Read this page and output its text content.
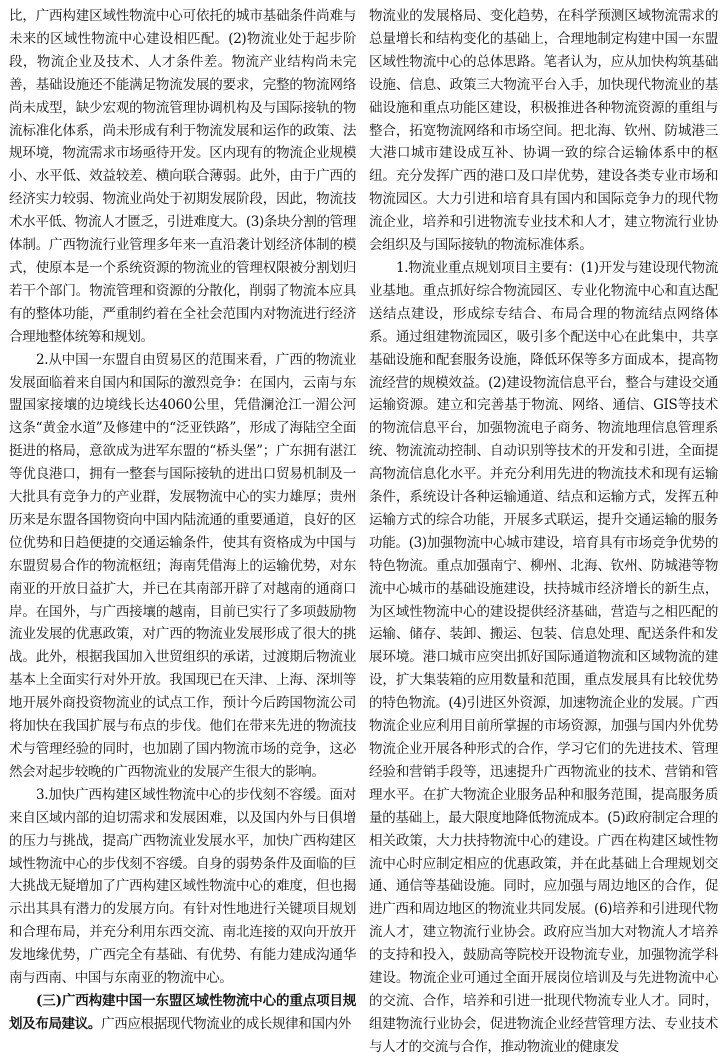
比，广西构建区域性物流中心可依托的城市基础条件尚难与未来的区域性物流中心建设相匹配。(2)物流业处于起步阶段，物流企业及技术、人才条件差。物流产业结构尚未完善，基础设施还不能满足物流发展的要求，完整的物流网络尚未成型，缺少宏观的物流管理协调机构及与国际接轨的物流标准化体系，尚未形成有利于物流发展和运作的政策、法规环境，物流需求市场亟待开发。区内现有的物流企业规模小、水平低、效益较差、横向联合薄弱。此外，由于广西的经济实力较弱、物流业尚处于初期发展阶段，因此，物流技术水平低、物流人才匮乏，引进难度大。(3)条块分割的管理体制。广西物流行业管理多年来一直沿袭计划经济体制的模式，使原本是一个系统资源的物流业的管理权限被分割划归若干个部门。物流管理和资源的分散化，削弱了物流本应具有的整体功能，严重制约着在全社会范围内对物流进行经济合理地整体统筹和规划。

2.从中国一东盟自由贸易区的范围来看，广西的物流业发展面临着来自国内和国际的激烈竞争：在国内，云南与东盟国家接壤的边境线长达4060公里，凭借澜沧江一湄公河这条“黄金水道”及修建中的“泛亚铁路”，形成了海陆空全面挺进的格局，意欲成为进军东盟的“桥头堡”；广东拥有湛江等优良港口，拥有一整套与国际接轨的进出口贸易机制及一大批具有竞争力的产业群，发展物流中心的实力雄厚；贵州历来是东盟各国物资向中国内陆流通的重要通道，良好的区位优势和日趋便捷的交通运输条件，使其有资格成为中国与东盟贸易合作的物流枢纽；海南凭借海上的运输优势，对东南亚的开放日益扩大，并已在其南部开辟了对越南的通商口岸。在国外，与广西接壤的越南，目前已实行了多项鼓励物流业发展的优惠政策，对广西的物流业发展形成了很大的挑战。此外，根据我国加入世贸组织的承诺，过渡期后物流业基本上全面实行对外开放。我国现已在天津、上海、深圳等地开展外商投资物流业的试点工作，预计今后跨国物流公司将加快在我国扩展与布点的步伐。他们在带来先进的物流技术与管理经验的同时，也加剧了国内物流市场的竞争，这必然会对起步较晚的广西物流业的发展产生很大的影响。

3.加快广西构建区域性物流中心的步伐刻不容缓。面对来自区域内部的迫切需求和发展困难，以及国内外与日俱增的压力与挑战，提高广西物流业发展水平，加快广西构建区域性物流中心的步伐刻不容缓。自身的弱势条件及面临的巨大挑战无疑增加了广西构建区域性物流中心的难度，但也揭示出其具有潜力的发展方向。有针对性地进行关键项目规划和合理布局，并充分利用东西交流、南北连接的双向开放开发地缘优势，广西完全有基础、有优势、有能力建成沟通华南与西南、中国与东南亚的物流中心。

(三)广西构建中国一东盟区域性物流中心的重点项目规划及布局建议。广西应根据现代物流业的成长规律和国内外

物流业的发展格局、变化趋势，在科学预测区域物流需求的总量增长和结构变化的基础上，合理地制定构建中国一东盟区域性物流中心的总体思路。笔者认为，应从加快构筑基础设施、信息、政策三大物流平台入手，加快现代物流业的基础设施和重点功能区建设，积极推进各种物流资源的重组与整合，拓宽物流网络和市场空间。把北海、钦州、防城港三大港口城市建设成互补、协调一致的综合运输体系中的枢纽。充分发挥广西的港口及口岸优势，建设各类专业市场和物流园区。大力引进和培育具有国内和国际竞争力的现代物流企业，培养和引进物流专业技术和人才，建立物流行业协会组织及与国际接轨的物流标准体系。

1.物流业重点规划项目主要有：(1)开发与建设现代物流业基地。重点抓好综合物流园区、专业化物流中心和直达配送结点建设，形成综专结合、布局合理的物流结点网络体系。通过组建物流园区，吸引多个配送中心在此集中，共享基础设施和配套服务设施，降低环保等多方面成本，提高物流经营的规模效益。(2)建设物流信息平台，整合与建设交通运输资源。建立和完善基于物流、网络、通信、GIS等技术的物流信息平台，加强物流电子商务、物流地理信息管理系统、物流流动控制、自动识别等技术的开发和引进，全面提高物流信息化水平。并充分利用先进的物流技术和现有运输条件，系统设计各种运输通道、结点和运输方式，发挥五种运输方式的综合功能，开展多式联运，提升交通运输的服务功能。(3)加强物流中心城市建设，培育具有市场竞争优势的特色物流。重点加强南宁、柳州、北海、钦州、防城港等物流中心城市的基础设施建设，扶持城市经济增长的新生点，为区域性物流中心的建设提供经济基础，营造与之相匹配的运输、储存、装卸、搬运、包装、信息处理、配送条件和发展环境。港口城市应突出抓好国际通道物流和区域物流的建设，扩大集装箱的应用数量和范围，重点发展具有比较优势的特色物流。(4)引进区外资源，加速物流企业的发展。广西物流企业应利用目前所掌握的市场资源，加强与国内外优势物流企业开展各种形式的合作，学习它们的先进技术、管理经验和营销手段等，迅速提升广西物流业的技术、营销和管理水平。在扩大物流企业服务品种和服务范围，提高服务质量的基础上，最大限度地降低物流成本。(5)政府制定合理的相关政策，大力扶持物流中心的建设。广西在构建区域性物流中心时应制定相应的优惠政策，并在此基础上合理规划交通、通信等基础设施。同时，应加强与周边地区的合作，促进广西和周边地区的物流业共同发展。(6)培养和引进现代物流人才，建立物流行业协会。政府应当加大对物流人才培养的支持和投入，鼓励高等院校开设物流专业，加强物流学科建设。物流企业可通过全面开展岗位培训及与先进物流中心的交流、合作，培养和引进一批现代物流专业人才。同时，组建物流行业协会，促进物流企业经营管理方法、专业技术与人才的交流与合作，推动物流业的健康发
